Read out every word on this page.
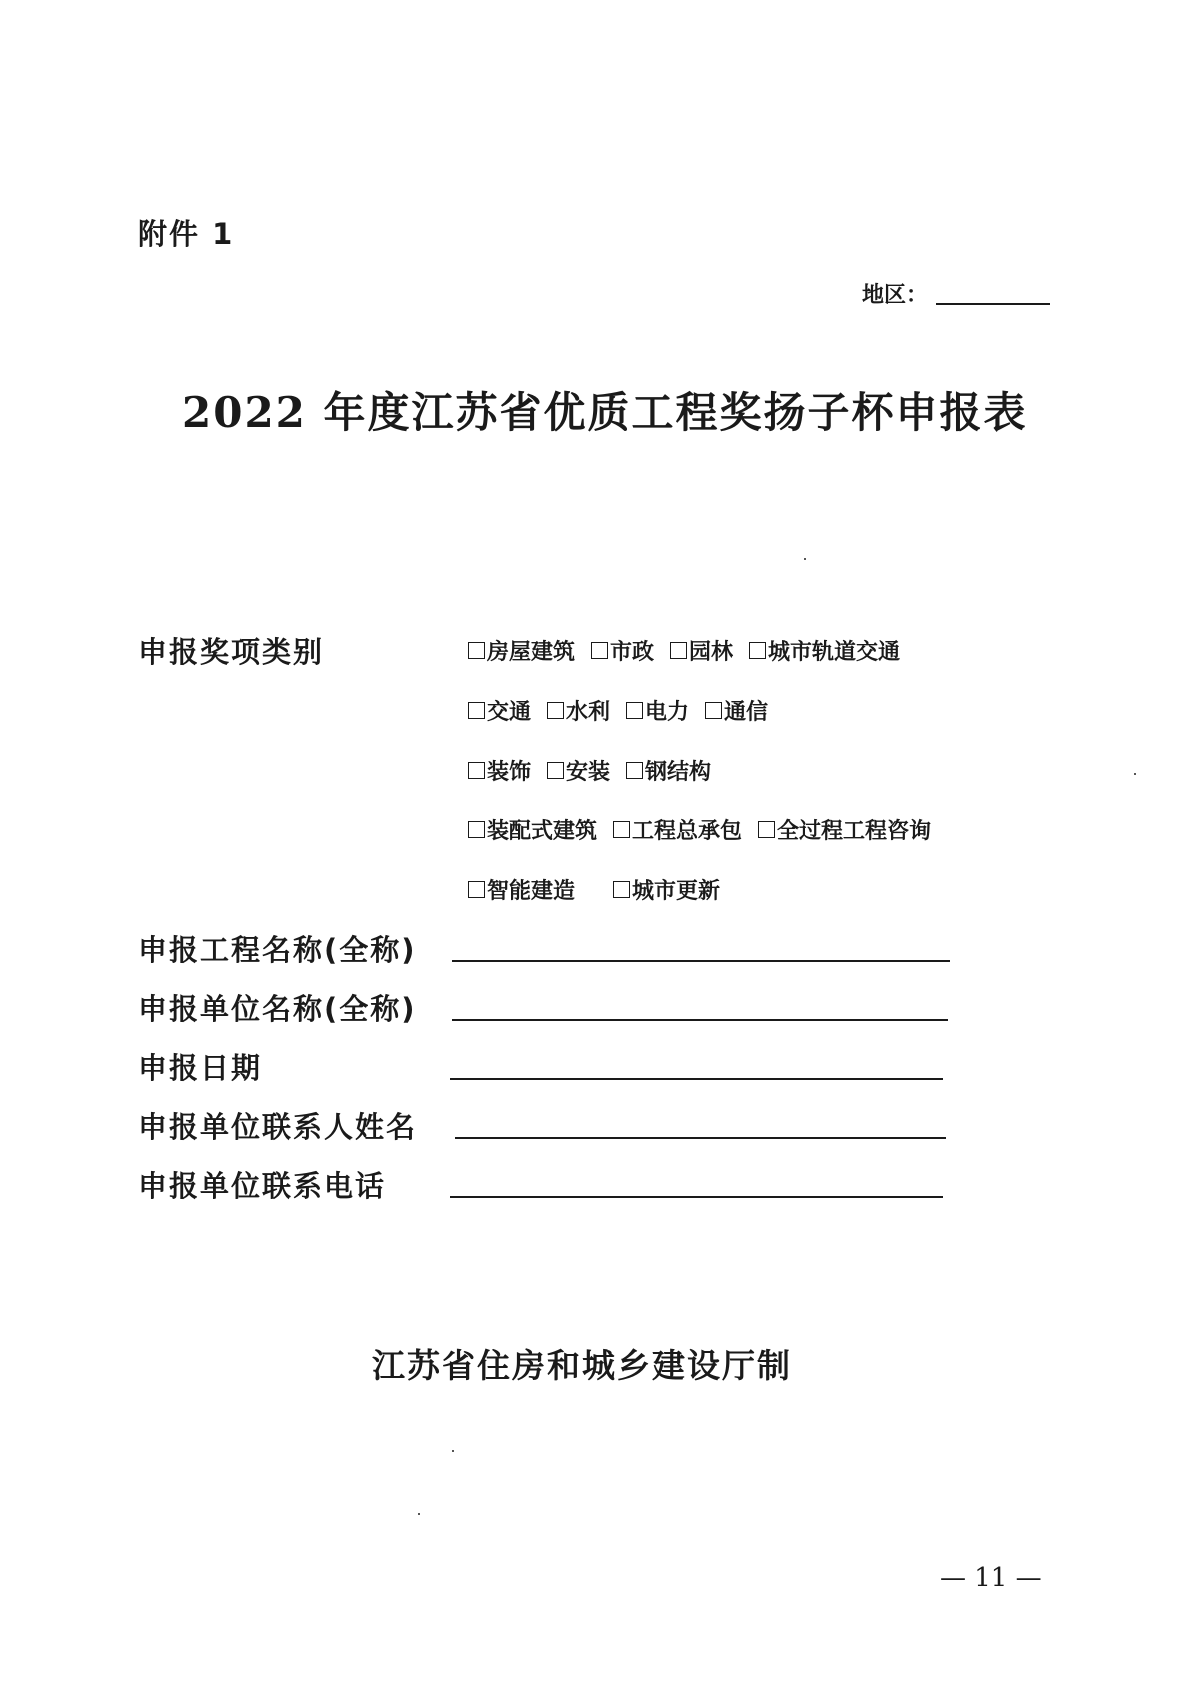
附件 1
地区：
2022 年度江苏省优质工程奖扬子杯申报表
申报奖项类别	房屋建筑 市政 园林 城市轨道交通
交通 水利 电力 通信
装饰 安装 钢结构
装配式建筑 工程总承包 全过程工程咨询
智能建造	城市更新
申报工程名称(全称)
申报单位名称(全称)
申报日期
申报单位联系人姓名
申报单位联系电话
江苏省住房和城乡建设厅制
— 11 —
